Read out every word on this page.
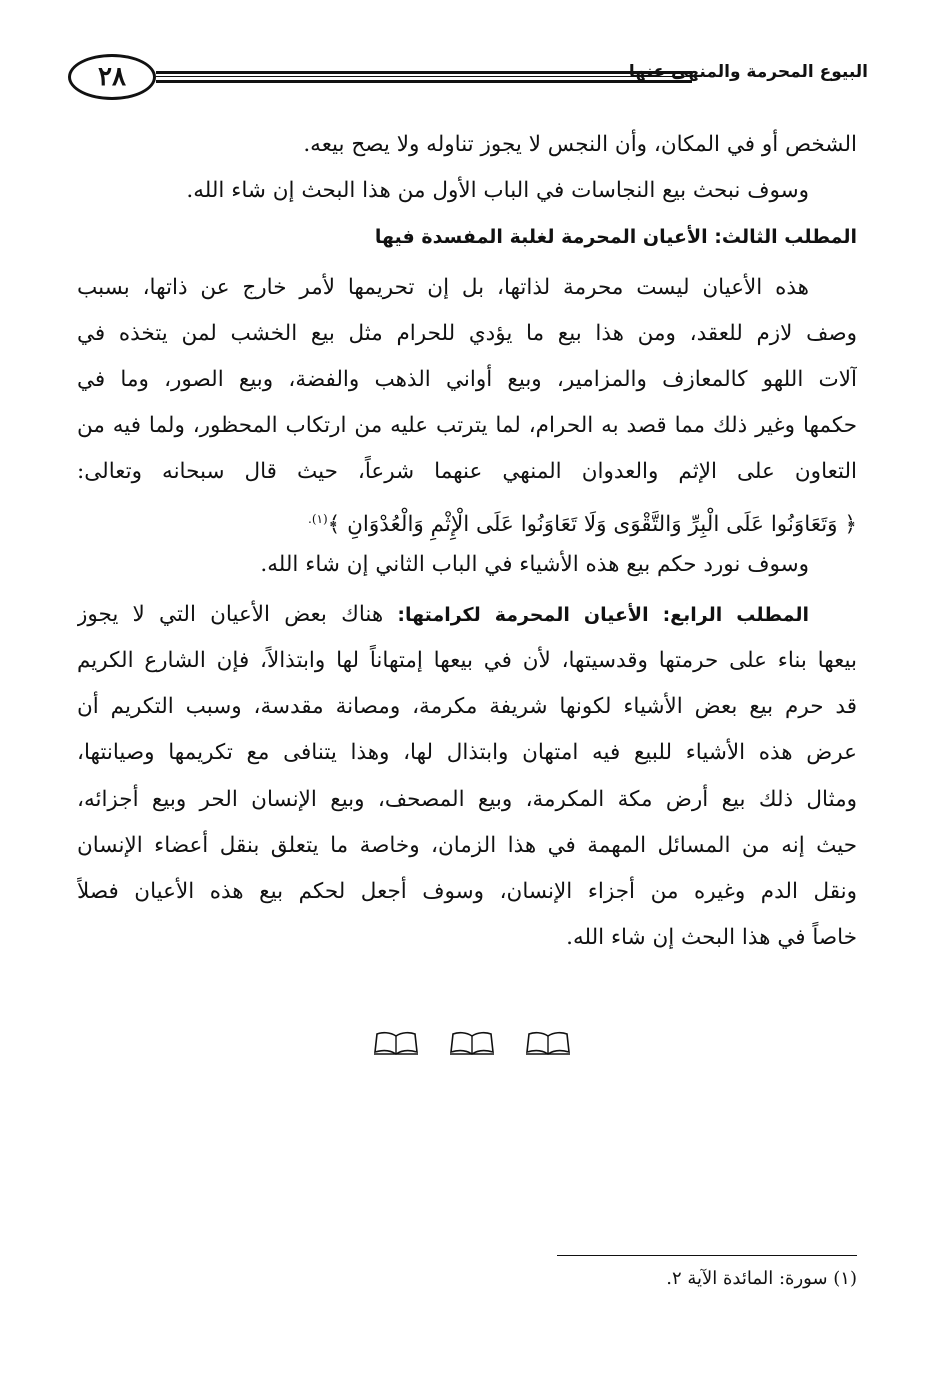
٢٨	البيوع المحرمة والمنهي عنها
الشخص أو في المكان، وأن النجس لا يجوز تناوله ولا يصح بيعه.
وسوف نبحث بيع النجاسات في الباب الأول من هذا البحث إن شاء الله.
المطلب الثالث: الأعيان المحرمة لغلبة المفسدة فيها
هذه الأعيان ليست محرمة لذاتها، بل إن تحريمها لأمر خارج عن ذاتها، بسبب
وصف لازم للعقد، ومن هذا بيع ما يؤدي للحرام مثل بيع الخشب لمن يتخذه في
آلات اللهو كالمعازف والمزامير، وبيع أواني الذهب والفضة، وبيع الصور، وما في
حكمها وغير ذلك مما قصد به الحرام، لما يترتب عليه من ارتكاب المحظور، ولما فيه من
التعاون على الإثم والعدوان المنهي عنهما شرعاً، حيث قال سبحانه وتعالى:
﴿ وَتَعَاوَنُوا عَلَى الْبِرِّ وَالتَّقْوَى وَلَا تَعَاوَنُوا عَلَى الْإِثْمِ وَالْعُدْوَانِ ﴾$^{(١).}$
وسوف نورد حكم بيع هذه الأشياء في الباب الثاني إن شاء الله.
المطلب الرابع: الأعيان المحرمة لكرامتها: هناك بعض الأعيان التي لا يجوز
بيعها بناء على حرمتها وقدسيتها، لأن في بيعها إمتهاناً لها وابتذالاً، فإن الشارع الكريم
قد حرم بيع بعض الأشياء لكونها شريفة مكرمة، ومصانة مقدسة، وسبب التكريم أن
عرض هذه الأشياء للبيع فيه امتهان وابتذال لها، وهذا يتنافى مع تكريمها وصيانتها،
ومثال ذلك بيع أرض مكة المكرمة، وبيع المصحف، وبيع الإنسان الحر وبيع أجزائه،
حيث إنه من المسائل المهمة في هذا الزمان، وخاصة ما يتعلق بنقل أعضاء الإنسان
ونقل الدم وغيره من أجزاء الإنسان، وسوف أجعل لحكم بيع هذه الأعيان فصلاً
خاصاً في هذا البحث إن شاء الله.
(١) سورة: المائدة الآية ٢.
